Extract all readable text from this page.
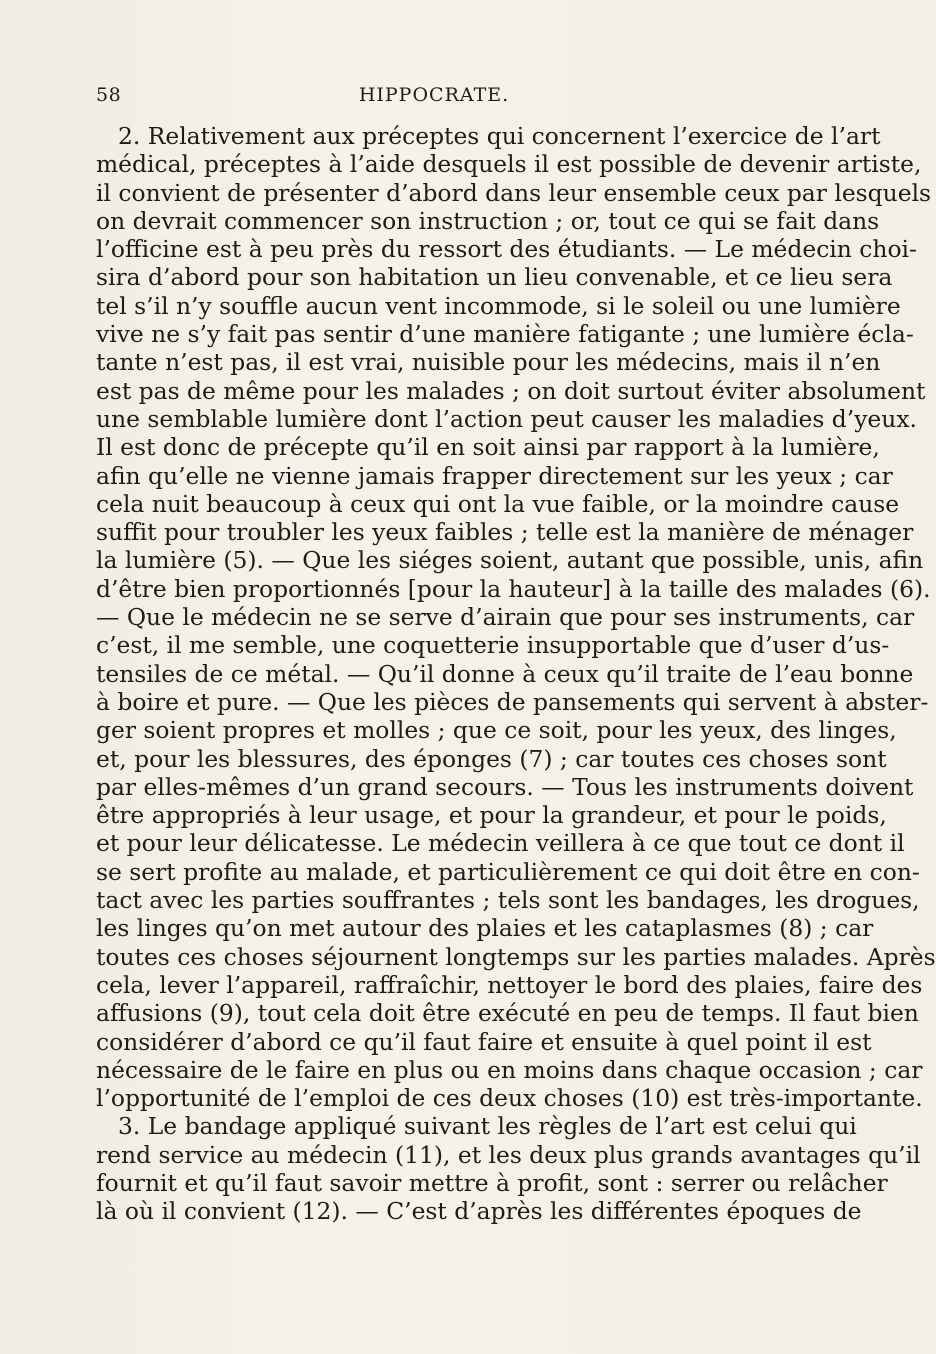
58	HIPPOCRATE.
2. Relativement aux préceptes qui concernent l’exercice de l’art
médical, préceptes à l’aide desquels il est possible de devenir artiste,
il convient de présenter d’abord dans leur ensemble ceux par lesquels
on devrait commencer son instruction ; or, tout ce qui se fait dans
l’officine est à peu près du ressort des étudiants. — Le médecin choi-
sira d’abord pour son habitation un lieu convenable, et ce lieu sera
tel s’il n’y souffle aucun vent incommode, si le soleil ou une lumière
vive ne s’y fait pas sentir d’une manière fatigante ; une lumière écla-
tante n’est pas, il est vrai, nuisible pour les médecins, mais il n’en
est pas de même pour les malades ; on doit surtout éviter absolument
une semblable lumière dont l’action peut causer les maladies d’yeux.
Il est donc de précepte qu’il en soit ainsi par rapport à la lumière,
afin qu’elle ne vienne jamais frapper directement sur les yeux ; car
cela nuit beaucoup à ceux qui ont la vue faible, or la moindre cause
suffit pour troubler les yeux faibles ; telle est la manière de ménager
la lumière (5). — Que les siéges soient, autant que possible, unis, afin
d’être bien proportionnés [pour la hauteur] à la taille des malades (6).
— Que le médecin ne se serve d’airain que pour ses instruments, car
c’est, il me semble, une coquetterie insupportable que d’user d’us-
tensiles de ce métal. — Qu’il donne à ceux qu’il traite de l’eau bonne
à boire et pure. — Que les pièces de pansements qui servent à abster-
ger soient propres et molles ; que ce soit, pour les yeux, des linges,
et, pour les blessures, des éponges (7) ; car toutes ces choses sont
par elles-mêmes d’un grand secours. — Tous les instruments doivent
être appropriés à leur usage, et pour la grandeur, et pour le poids,
et pour leur délicatesse. Le médecin veillera à ce que tout ce dont il
se sert profite au malade, et particulièrement ce qui doit être en con-
tact avec les parties souffrantes ; tels sont les bandages, les drogues,
les linges qu’on met autour des plaies et les cataplasmes (8) ; car
toutes ces choses séjournent longtemps sur les parties malades. Après
cela, lever l’appareil, raffraîchir, nettoyer le bord des plaies, faire des
affusions (9), tout cela doit être exécuté en peu de temps. Il faut bien
considérer d’abord ce qu’il faut faire et ensuite à quel point il est
nécessaire de le faire en plus ou en moins dans chaque occasion ; car
l’opportunité de l’emploi de ces deux choses (10) est très-importante.
3. Le bandage appliqué suivant les règles de l’art est celui qui
rend service au médecin (11), et les deux plus grands avantages qu’il
fournit et qu’il faut savoir mettre à profit, sont : serrer ou relâcher
là où il convient (12). — C’est d’après les différentes époques de
